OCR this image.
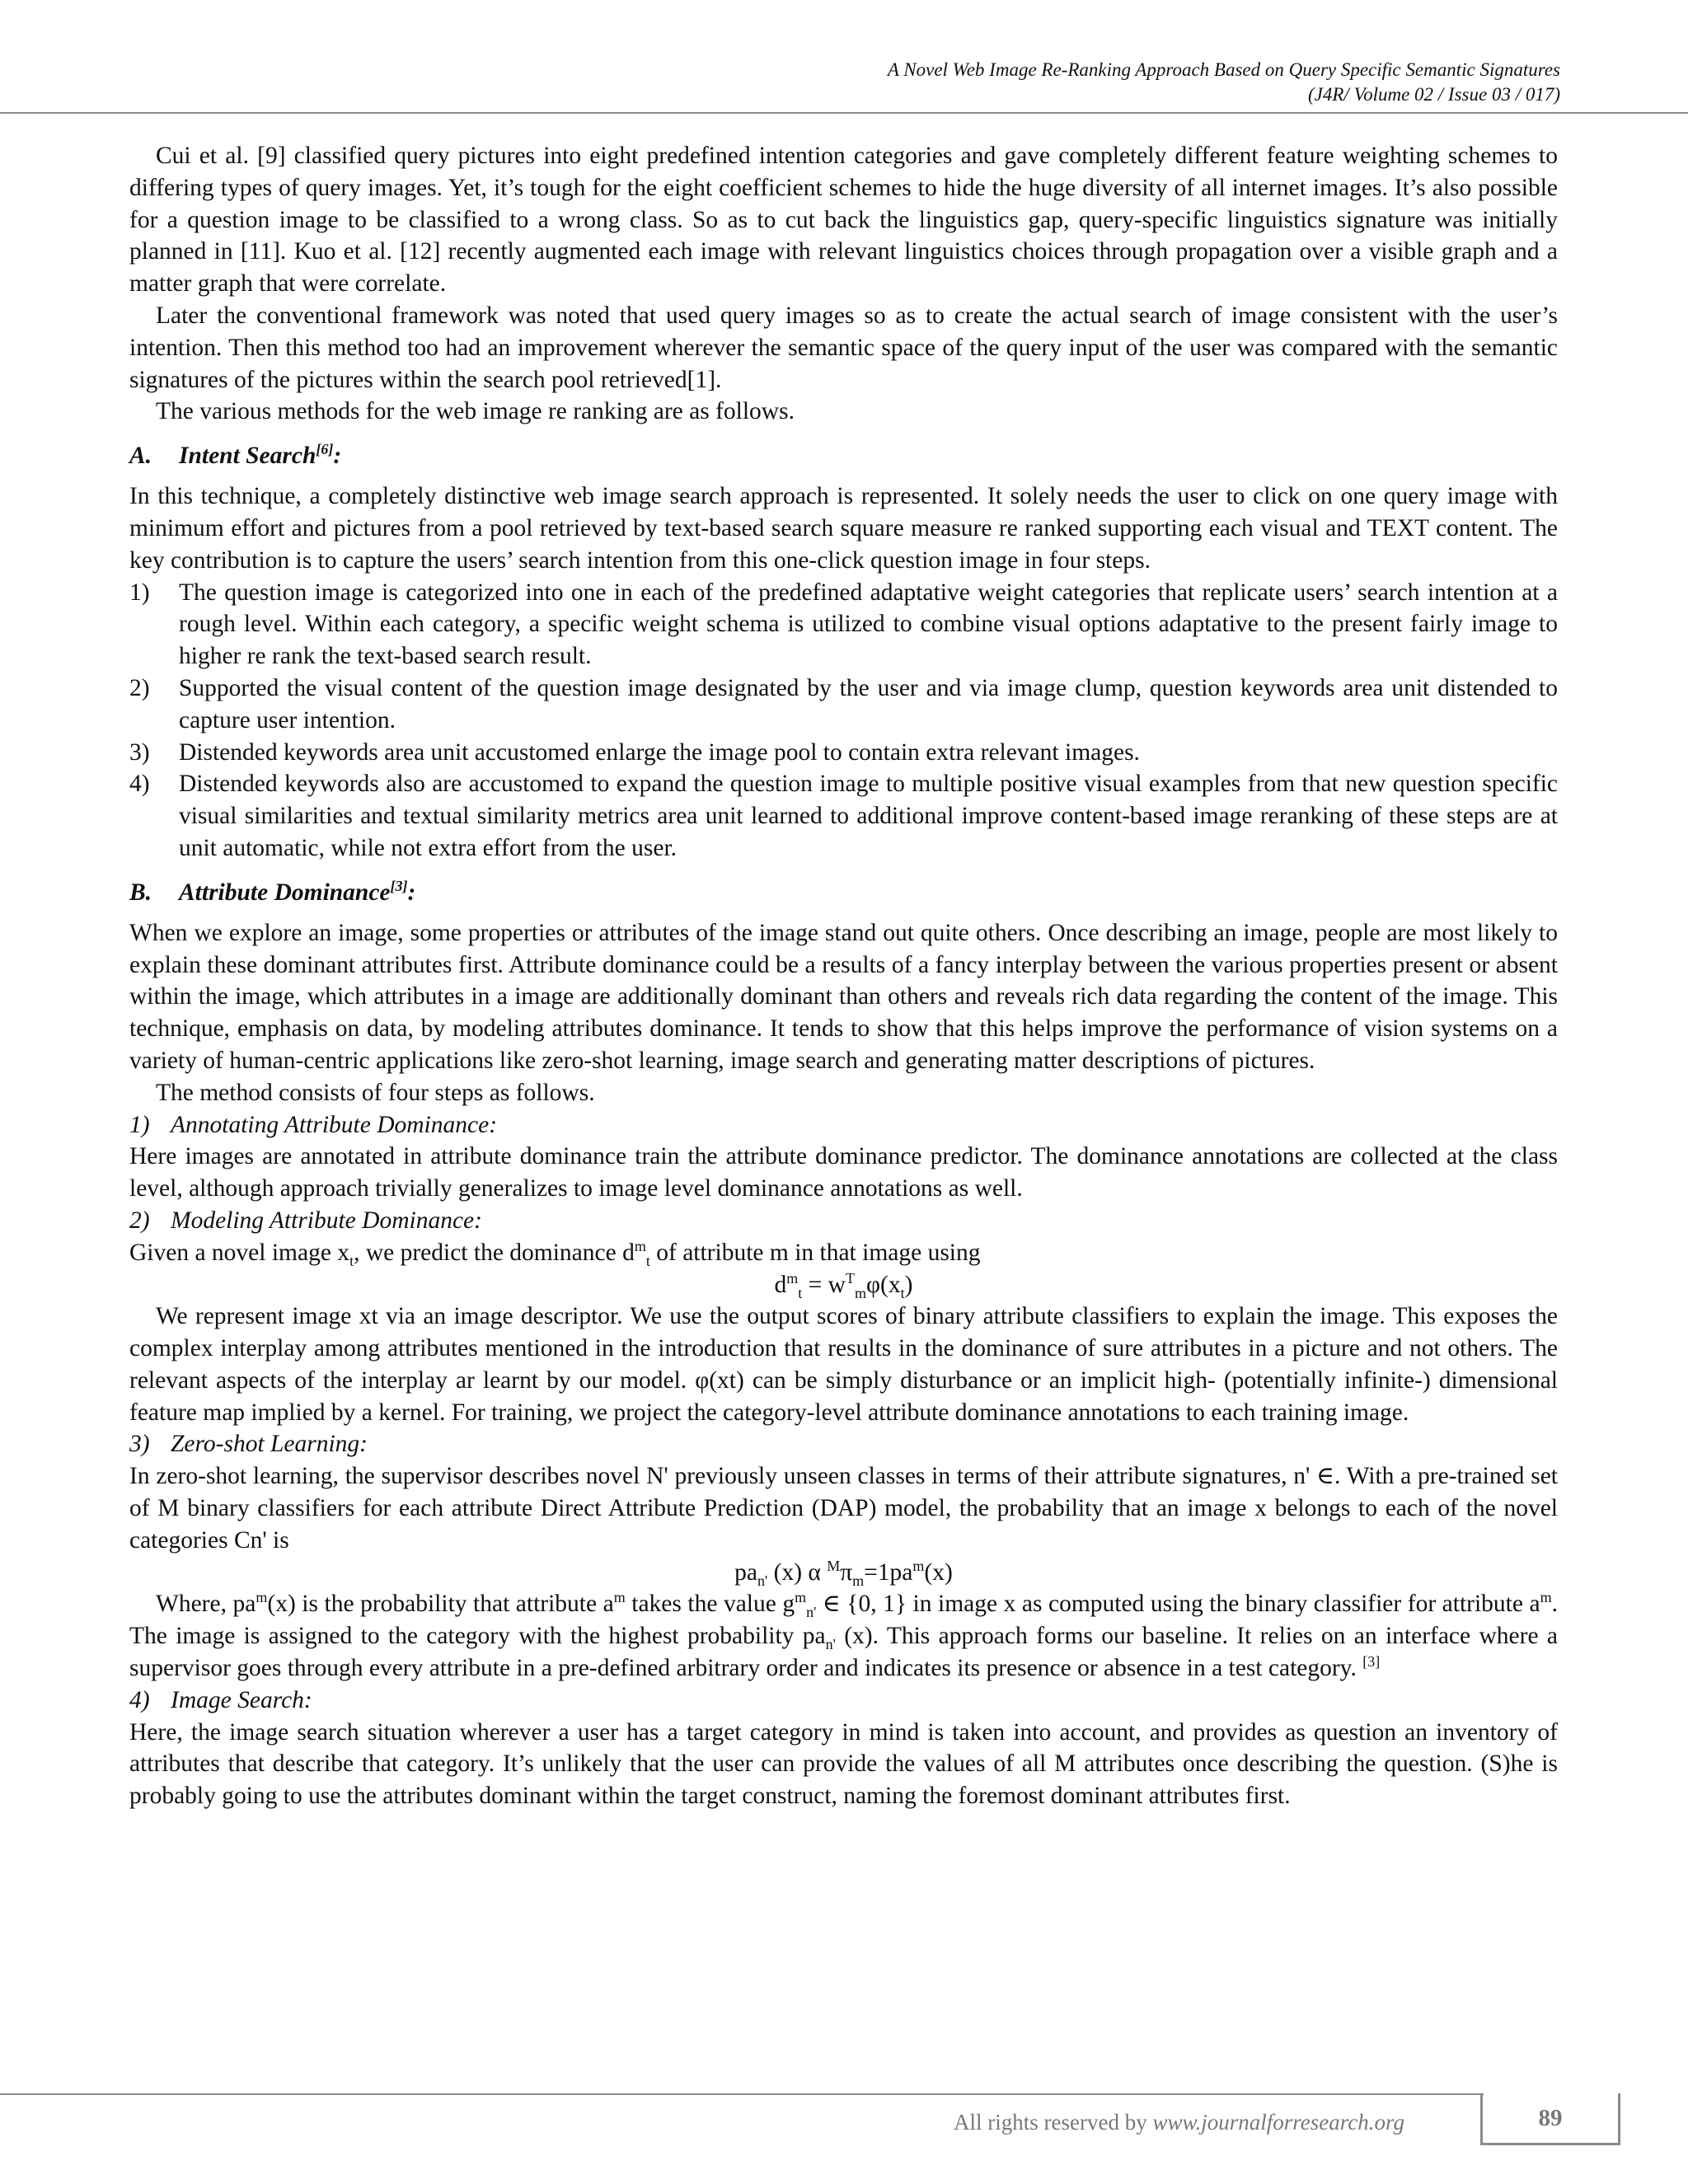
A Novel Web Image Re-Ranking Approach Based on Query Specific Semantic Signatures
(J4R/ Volume 02 / Issue 03 / 017)

Cui et al. [9] classified query pictures into eight predefined intention categories and gave completely different feature weighting schemes to differing types of query images. Yet, it’s tough for the eight coefficient schemes to hide the huge diversity of all internet images. It’s also possible for a question image to be classified to a wrong class. So as to cut back the linguistics gap, query-specific linguistics signature was initially planned in [11]. Kuo et al. [12] recently augmented each image with relevant linguistics choices through propagation over a visible graph and a matter graph that were correlate.

Later the conventional framework was noted that used query images so as to create the actual search of image consistent with the user’s intention. Then this method too had an improvement wherever the semantic space of the query input of the user was compared with the semantic signatures of the pictures within the search pool retrieved[1].

The various methods for the web image re ranking are as follows.

A. Intent Search[6]:

In this technique, a completely distinctive web image search approach is represented. It solely needs the user to click on one query image with minimum effort and pictures from a pool retrieved by text-based search square measure re ranked supporting each visual and TEXT content. The key contribution is to capture the users’ search intention from this one-click question image in four steps.

1) The question image is categorized into one in each of the predefined adaptative weight categories that replicate users’ search intention at a rough level. Within each category, a specific weight schema is utilized to combine visual options adaptative to the present fairly image to higher re rank the text-based search result.
2) Supported the visual content of the question image designated by the user and via image clump, question keywords area unit distended to capture user intention.
3) Distended keywords area unit accustomed enlarge the image pool to contain extra relevant images.
4) Distended keywords also are accustomed to expand the question image to multiple positive visual examples from that new question specific visual similarities and textual similarity metrics area unit learned to additional improve content-based image reranking of these steps are at unit automatic, while not extra effort from the user.
B. Attribute Dominance[3]:

When we explore an image, some properties or attributes of the image stand out quite others. Once describing an image, people are most likely to explain these dominant attributes first. Attribute dominance could be a results of a fancy interplay between the various properties present or absent within the image, which attributes in a image are additionally dominant than others and reveals rich data regarding the content of the image. This technique, emphasis on data, by modeling attributes dominance. It tends to show that this helps improve the performance of vision systems on a variety of human-centric applications like zero-shot learning, image search and generating matter descriptions of pictures.

The method consists of four steps as follows.

1) Annotating Attribute Dominance:

Here images are annotated in attribute dominance train the attribute dominance predictor. The dominance annotations are collected at the class level, although approach trivially generalizes to image level dominance annotations as well.

2) Modeling Attribute Dominance:

Given a novel image $x_t$, we predict the dominance $d^m_t$ of attribute m in that image using

$d^m_t = w^T_m\varphi(x_t)$

We represent image xt via an image descriptor. We use the output scores of binary attribute classifiers to explain the image. This exposes the complex interplay among attributes mentioned in the introduction that results in the dominance of sure attributes in a picture and not others. The relevant aspects of the interplay ar learnt by our model. φ(xt) can be simply disturbance or an implicit high- (potentially infinite-) dimensional feature map implied by a kernel. For training, we project the category-level attribute dominance annotations to each training image.

3) Zero-shot Learning:

In zero-shot learning, the supervisor describes novel N' previously unseen classes in terms of their attribute signatures, n' ∈. With a pre-trained set of M binary classifiers for each attribute Direct Attribute Prediction (DAP) model, the probability that an image x belongs to each of the novel categories Cn' is

$pa_{n'}$ (x) α $^M\pi_m=1pa^m(x)$

Where, $pa^m(x)$ is the probability that attribute $a^m$ takes the value $g^m_{n'}$ ∈ {0, 1} in image x as computed using the binary classifier for attribute $a^m$. The image is assigned to the category with the highest probability $pa_{n'}$ (x). This approach forms our baseline. It relies on an interface where a supervisor goes through every attribute in a pre-defined arbitrary order and indicates its presence or absence in a test category. [3]

4) Image Search:

Here, the image search situation wherever a user has a target category in mind is taken into account, and provides as question an inventory of attributes that describe that category. It’s unlikely that the user can provide the values of all M attributes once describing the question. (S)he is probably going to use the attributes dominant within the target construct, naming the foremost dominant attributes first.

All rights reserved by www.journalforresearch.org	89
